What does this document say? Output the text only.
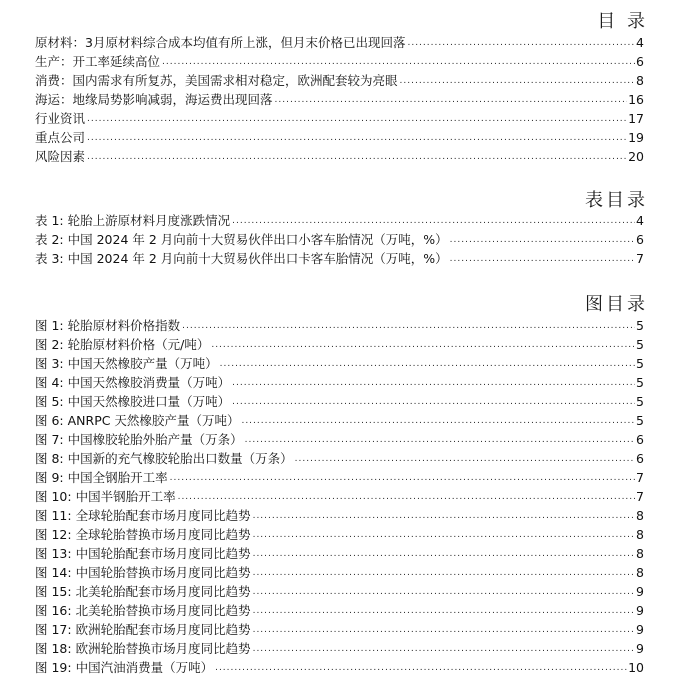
目 录
原材料：3月原材料综合成本均值有所上涨，但月末价格已出现回落 .....	4
生产：开工率延续高位 .....	6
消费：国内需求有所复苏，美国需求相对稳定，欧洲配套较为亮眼 .....	8
海运：地缘局势影响减弱，海运费出现回落 .....	16
行业资讯 .....	17
重点公司 .....	19
风险因素 .....	20
表目录
表 1: 轮胎上游原材料月度涨跌情况 .....	4
表 2: 中国 2024 年 2 月向前十大贸易伙伴出口小客车胎情况（万吨，%） .....	6
表 3: 中国 2024 年 2 月向前十大贸易伙伴出口卡客车胎情况（万吨，%） .....	7
图目录
图 1: 轮胎原材料价格指数 .....	5
图 2: 轮胎原材料价格（元/吨） .....	5
图 3: 中国天然橡胶产量（万吨） .....	5
图 4: 中国天然橡胶消费量（万吨） .....	5
图 5: 中国天然橡胶进口量（万吨） .....	5
图 6: ANRPC 天然橡胶产量（万吨） .....	5
图 7: 中国橡胶轮胎外胎产量（万条） .....	6
图 8: 中国新的充气橡胶轮胎出口数量（万条） .....	6
图 9: 中国全钢胎开工率 .....	7
图 10: 中国半钢胎开工率 .....	7
图 11: 全球轮胎配套市场月度同比趋势 .....	8
图 12: 全球轮胎替换市场月度同比趋势 .....	8
图 13: 中国轮胎配套市场月度同比趋势 .....	8
图 14: 中国轮胎替换市场月度同比趋势 .....	8
图 15: 北美轮胎配套市场月度同比趋势 .....	9
图 16: 北美轮胎替换市场月度同比趋势 .....	9
图 17: 欧洲轮胎配套市场月度同比趋势 .....	9
图 18: 欧洲轮胎替换市场月度同比趋势 .....	9
图 19: 中国汽油消费量（万吨） .....	10
